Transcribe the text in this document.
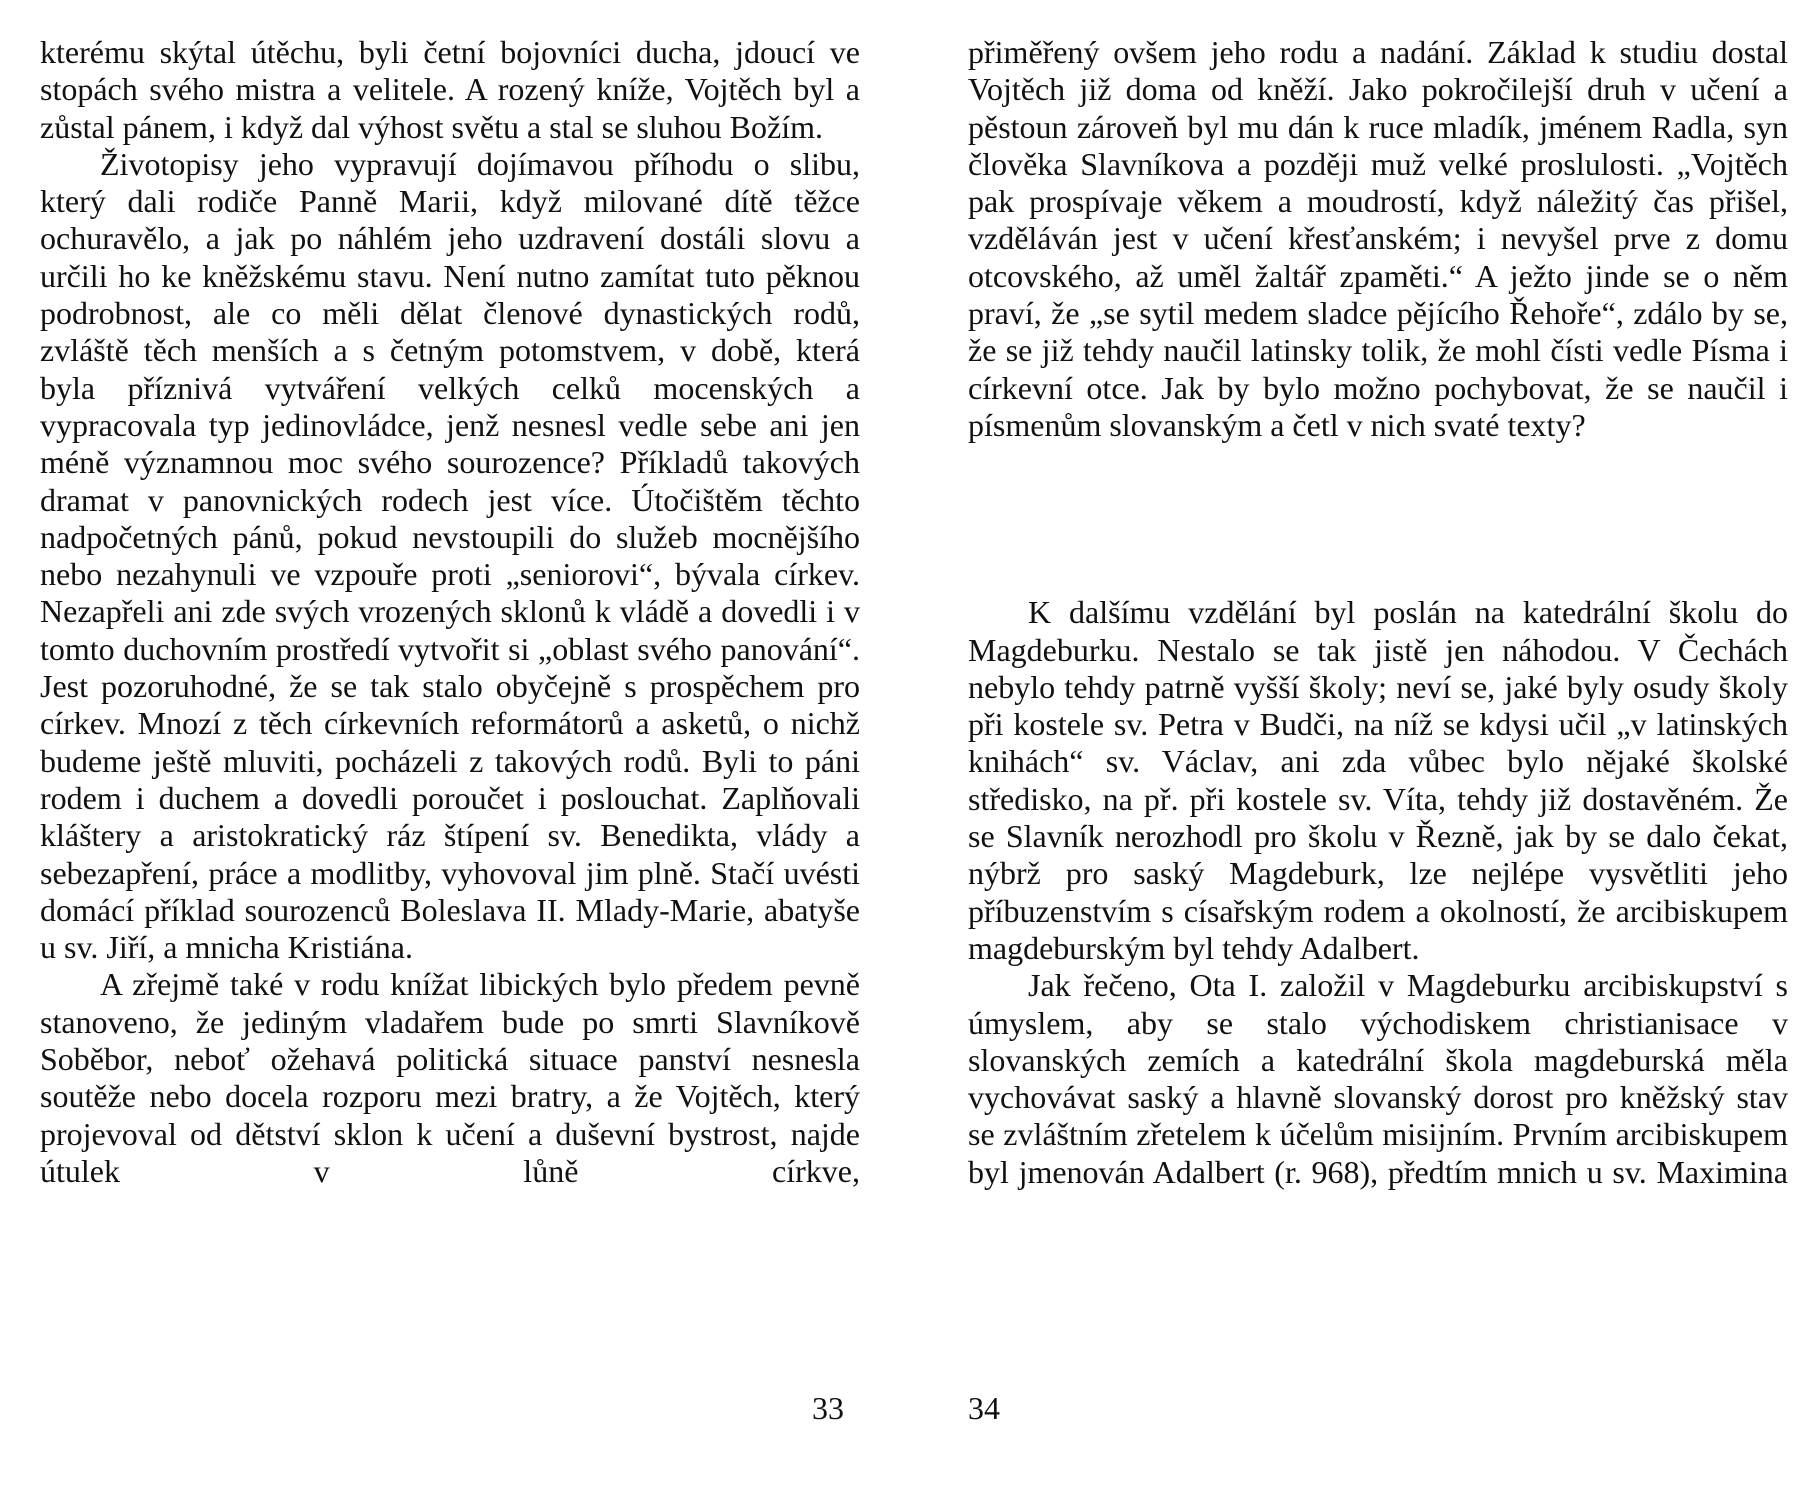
kterému skýtal útěchu, byli četní bojovníci ducha, jdoucí ve stopách svého mistra a velitele. A rozený kníže, Vojtěch byl a zůstal pánem, i když dal výhost světu a stal se sluhou Božím.

Životopisy jeho vypravují dojímavou příhodu o slibu, který dali rodiče Panně Marii, když milované dítě těžce ochuravělo, a jak po náhlém jeho uzdravení dostáli slovu a určili ho ke kněžskému stavu. Není nutno zamítat tuto pěknou podrobnost, ale co měli dělat členové dynastických rodů, zvláště těch menších a s četným potomstvem, v době, která byla příznivá vytváření velkých celků mocenských a vypracovala typ jedinovládce, jenž nesnesl vedle sebe ani jen méně významnou moc svého sourozence? Příkladů takových dramat v panovnických rodech jest více. Útočištěm těchto nadpočetných pánů, pokud nevstoupili do služeb mocnějšího nebo nezahynuli ve vzpouře proti „seniorovi“, bývala církev. Nezapřeli ani zde svých vrozených sklonů k vládě a dovedli i v tomto duchovním prostředí vytvořit si „oblast svého panování“. Jest pozoruhodné, že se tak stalo obyčejně s prospěchem pro církev. Mnozí z těch církevních reformátorů a asketů, o nichž budeme ještě mluviti, pocházeli z takových rodů. Byli to páni rodem i duchem a dovedli poroučet i poslouchat. Zaplňovali kláštery a aristokratický ráz štípení sv. Benedikta, vlády a sebezapření, práce a modlitby, vyhovoval jim plně. Stačí uvésti domácí příklad sourozenců Boleslava II. Mlady-Marie, abatyše u sv. Jiří, a mnicha Kristiána.

A zřejmě také v rodu knížat libických bylo předem pevně stanoveno, že jediným vladařem bude po smrti Slavníkově Soběbor, neboť ožehavá politická situace panství nesnesla soutěže nebo docela rozporu mezi bratry, a že Vojtěch, který projevoval od dětství sklon k učení a duševní bystrost, najde útulek v lůně církve,

přiměřený ovšem jeho rodu a nadání. Základ k studiu dostal Vojtěch již doma od kněží. Jako pokročilejší druh v učení a pěstoun zároveň byl mu dán k ruce mladík, jménem Radla, syn člověka Slavníkova a později muž velké proslulosti. „Vojtěch pak prospívaje věkem a moudrostí, když náležitý čas přišel, vzděláván jest v učení křesťanském; i nevyšel prve z domu otcovského, až uměl žaltář zpaměti.“ A ježto jinde se o něm praví, že „se sytil medem sladce pějícího Řehoře“, zdálo by se, že se již tehdy naučil latinsky tolik, že mohl čísti vedle Písma i církevní otce. Jak by bylo možno pochybovat, že se naučil i písmenům slovanským a četl v nich svaté texty?

K dalšímu vzdělání byl poslán na katedrální školu do Magdeburku. Nestalo se tak jistě jen náhodou. V Čechách nebylo tehdy patrně vyšší školy; neví se, jaké byly osudy školy při kostele sv. Petra v Budči, na níž se kdysi učil „v latinských knihách“ sv. Václav, ani zda vůbec bylo nějaké školské středisko, na př. při kostele sv. Víta, tehdy již dostavěném. Že se Slavník nerozhodl pro školu v Řezně, jak by se dalo čekat, nýbrž pro saský Magdeburk, lze nejlépe vysvětliti jeho příbuzenstvím s císařským rodem a okolností, že arcibiskupem magdeburským byl tehdy Adalbert.

Jak řečeno, Ota I. založil v Magdeburku arcibiskupství s úmyslem, aby se stalo východiskem christianisace v slovanských zemích a katedrální škola magdeburská měla vychovávat saský a hlavně slovanský dorost pro kněžský stav se zvláštním zřetelem k účelům misijním. Prvním arcibiskupem byl jmenován Adalbert (r. 968), předtím mnich u sv. Maximina

33	34
